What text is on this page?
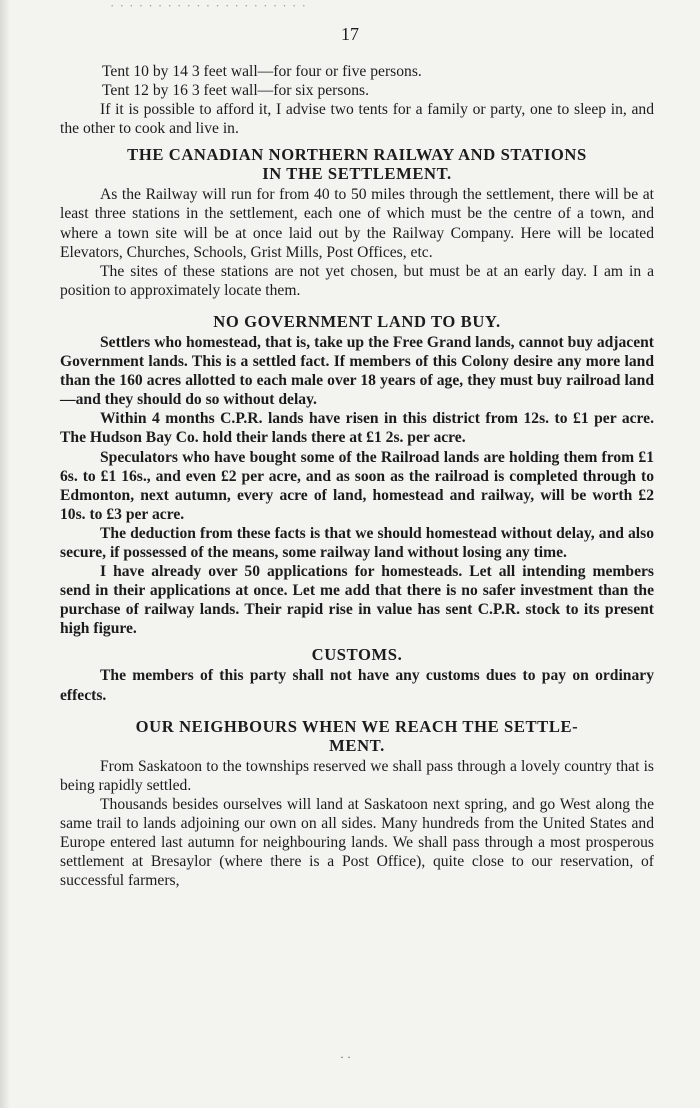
· · · · · · · · · · · · · · · · · · · · ·
17

Tent 10 by 14 3 feet wall—for four or five persons.

Tent 12 by 16 3 feet wall—for six persons.

If it is possible to afford it, I advise two tents for a family or party, one to sleep in, and the other to cook and live in.

THE CANADIAN NORTHERN RAILWAY AND STATIONS
IN THE SETTLEMENT.

As the Railway will run for from 40 to 50 miles through the settlement, there will be at least three stations in the settlement, each one of which must be the centre of a town, and where a town site will be at once laid out by the Railway Company. Here will be located Elevators, Churches, Schools, Grist Mills, Post Offices, etc.

The sites of these stations are not yet chosen, but must be at an early day. I am in a position to approximately locate them.

NO GOVERNMENT LAND TO BUY.

Settlers who homestead, that is, take up the Free Grand lands, cannot buy adjacent Government lands. This is a settled fact. If members of this Colony desire any more land than the 160 acres allotted to each male over 18 years of age, they must buy railroad land—and they should do so without delay.

Within 4 months C.P.R. lands have risen in this district from 12s. to £1 per acre. The Hudson Bay Co. hold their lands there at £1 2s. per acre.

Speculators who have bought some of the Railroad lands are holding them from £1 6s. to £1 16s., and even £2 per acre, and as soon as the railroad is completed through to Edmonton, next autumn, every acre of land, homestead and railway, will be worth £2 10s. to £3 per acre.

The deduction from these facts is that we should homestead without delay, and also secure, if possessed of the means, some railway land without losing any time.

I have already over 50 applications for homesteads. Let all intending members send in their applications at once. Let me add that there is no safer investment than the purchase of railway lands. Their rapid rise in value has sent C.P.R. stock to its present high figure.

CUSTOMS.

The members of this party shall not have any customs dues to pay on ordinary effects.

OUR NEIGHBOURS WHEN WE REACH THE SETTLE-
MENT.

From Saskatoon to the townships reserved we shall pass through a lovely country that is being rapidly settled.

Thousands besides ourselves will land at Saskatoon next spring, and go West along the same trail to lands adjoining our own on all sides. Many hundreds from the United States and Europe entered last autumn for neighbouring lands. We shall pass through a most prosperous settlement at Bresaylor (where there is a Post Office), quite close to our reservation, of successful farmers,

· ·
